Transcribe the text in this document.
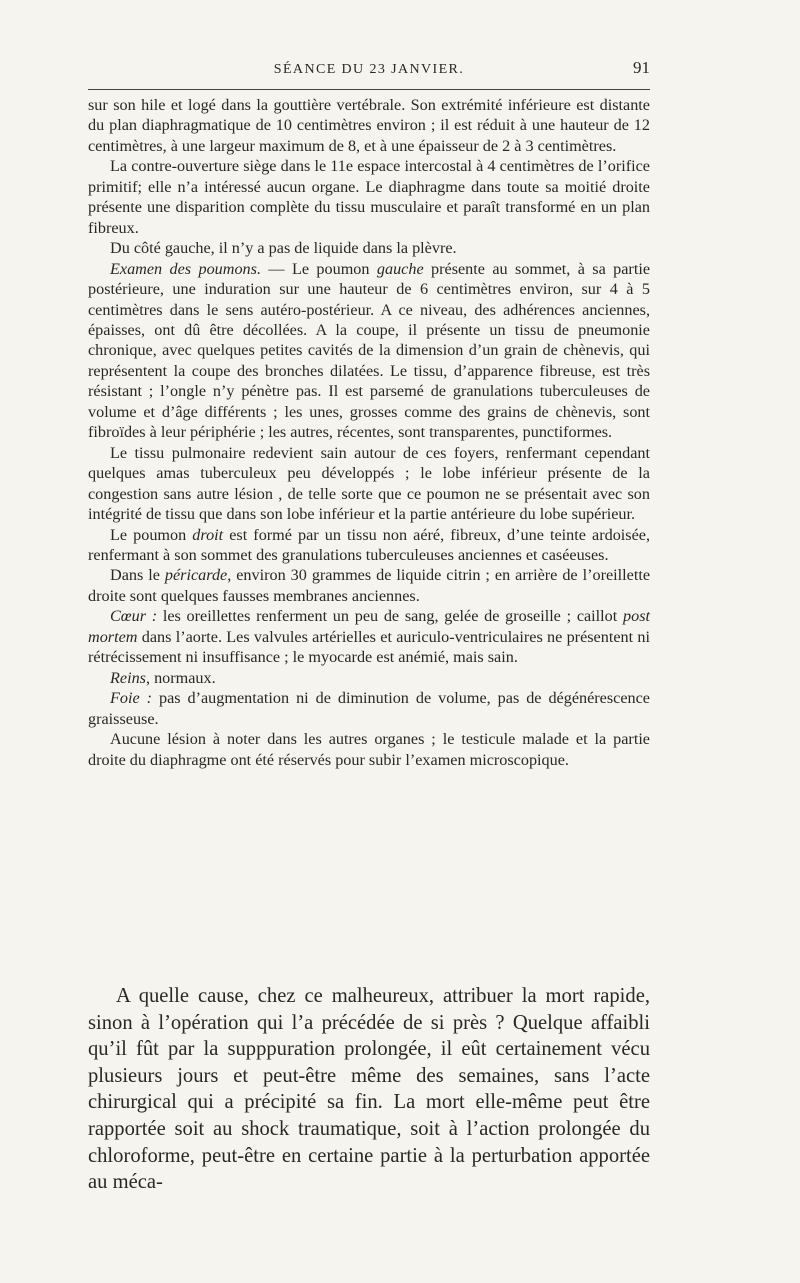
SÉANCE DU 23 JANVIER.	91

sur son hile et logé dans la gouttière vertébrale. Son extrémité inférieure est distante du plan diaphragmatique de 10 centimètres environ ; il est réduit à une hauteur de 12 centimètres, à une largeur maximum de 8, et à une épaisseur de 2 à 3 centimètres.

La contre-ouverture siège dans le 11e espace intercostal à 4 centimètres de l’orifice primitif; elle n’a intéressé aucun organe. Le diaphragme dans toute sa moitié droite présente une disparition complète du tissu musculaire et paraît transformé en un plan fibreux.

Du côté gauche, il n’y a pas de liquide dans la plèvre.

Examen des poumons. — Le poumon gauche présente au sommet, à sa partie postérieure, une induration sur une hauteur de 6 centimètres environ, sur 4 à 5 centimètres dans le sens autéro-postérieur. A ce niveau, des adhérences anciennes, épaisses, ont dû être décollées. A la coupe, il présente un tissu de pneumonie chronique, avec quelques petites cavités de la dimension d’un grain de chènevis, qui représentent la coupe des bronches dilatées. Le tissu, d’apparence fibreuse, est très résistant ; l’ongle n’y pénètre pas. Il est parsemé de granulations tuberculeuses de volume et d’âge différents ; les unes, grosses comme des grains de chènevis, sont fibroïdes à leur périphérie ; les autres, récentes, sont transparentes, punctiformes.

Le tissu pulmonaire redevient sain autour de ces foyers, renfermant cependant quelques amas tuberculeux peu développés ; le lobe inférieur présente de la congestion sans autre lésion , de telle sorte que ce poumon ne se présentait avec son intégrité de tissu que dans son lobe inférieur et la partie antérieure du lobe supérieur.

Le poumon droit est formé par un tissu non aéré, fibreux, d’une teinte ardoisée, renfermant à son sommet des granulations tuberculeuses anciennes et caséeuses.

Dans le péricarde, environ 30 grammes de liquide citrin ; en arrière de l’oreillette droite sont quelques fausses membranes anciennes.

Cœur : les oreillettes renferment un peu de sang, gelée de groseille ; caillot post mortem dans l’aorte. Les valvules artérielles et auriculo-ventriculaires ne présentent ni rétrécissement ni insuffisance ; le myocarde est anémié, mais sain.

Reins, normaux.

Foie : pas d’augmentation ni de diminution de volume, pas de dégénérescence graisseuse.

Aucune lésion à noter dans les autres organes ; le testicule malade et la partie droite du diaphragme ont été réservés pour subir l’examen microscopique.

A quelle cause, chez ce malheureux, attribuer la mort rapide, sinon à l’opération qui l’a précédée de si près ? Quelque affaibli qu’il fût par la supppuration prolongée, il eût certainement vécu plusieurs jours et peut-être même des semaines, sans l’acte chirurgical qui a précipité sa fin. La mort elle-même peut être rapportée soit au shock traumatique, soit à l’action prolongée du chloroforme, peut-être en certaine partie à la perturbation apportée au méca-
